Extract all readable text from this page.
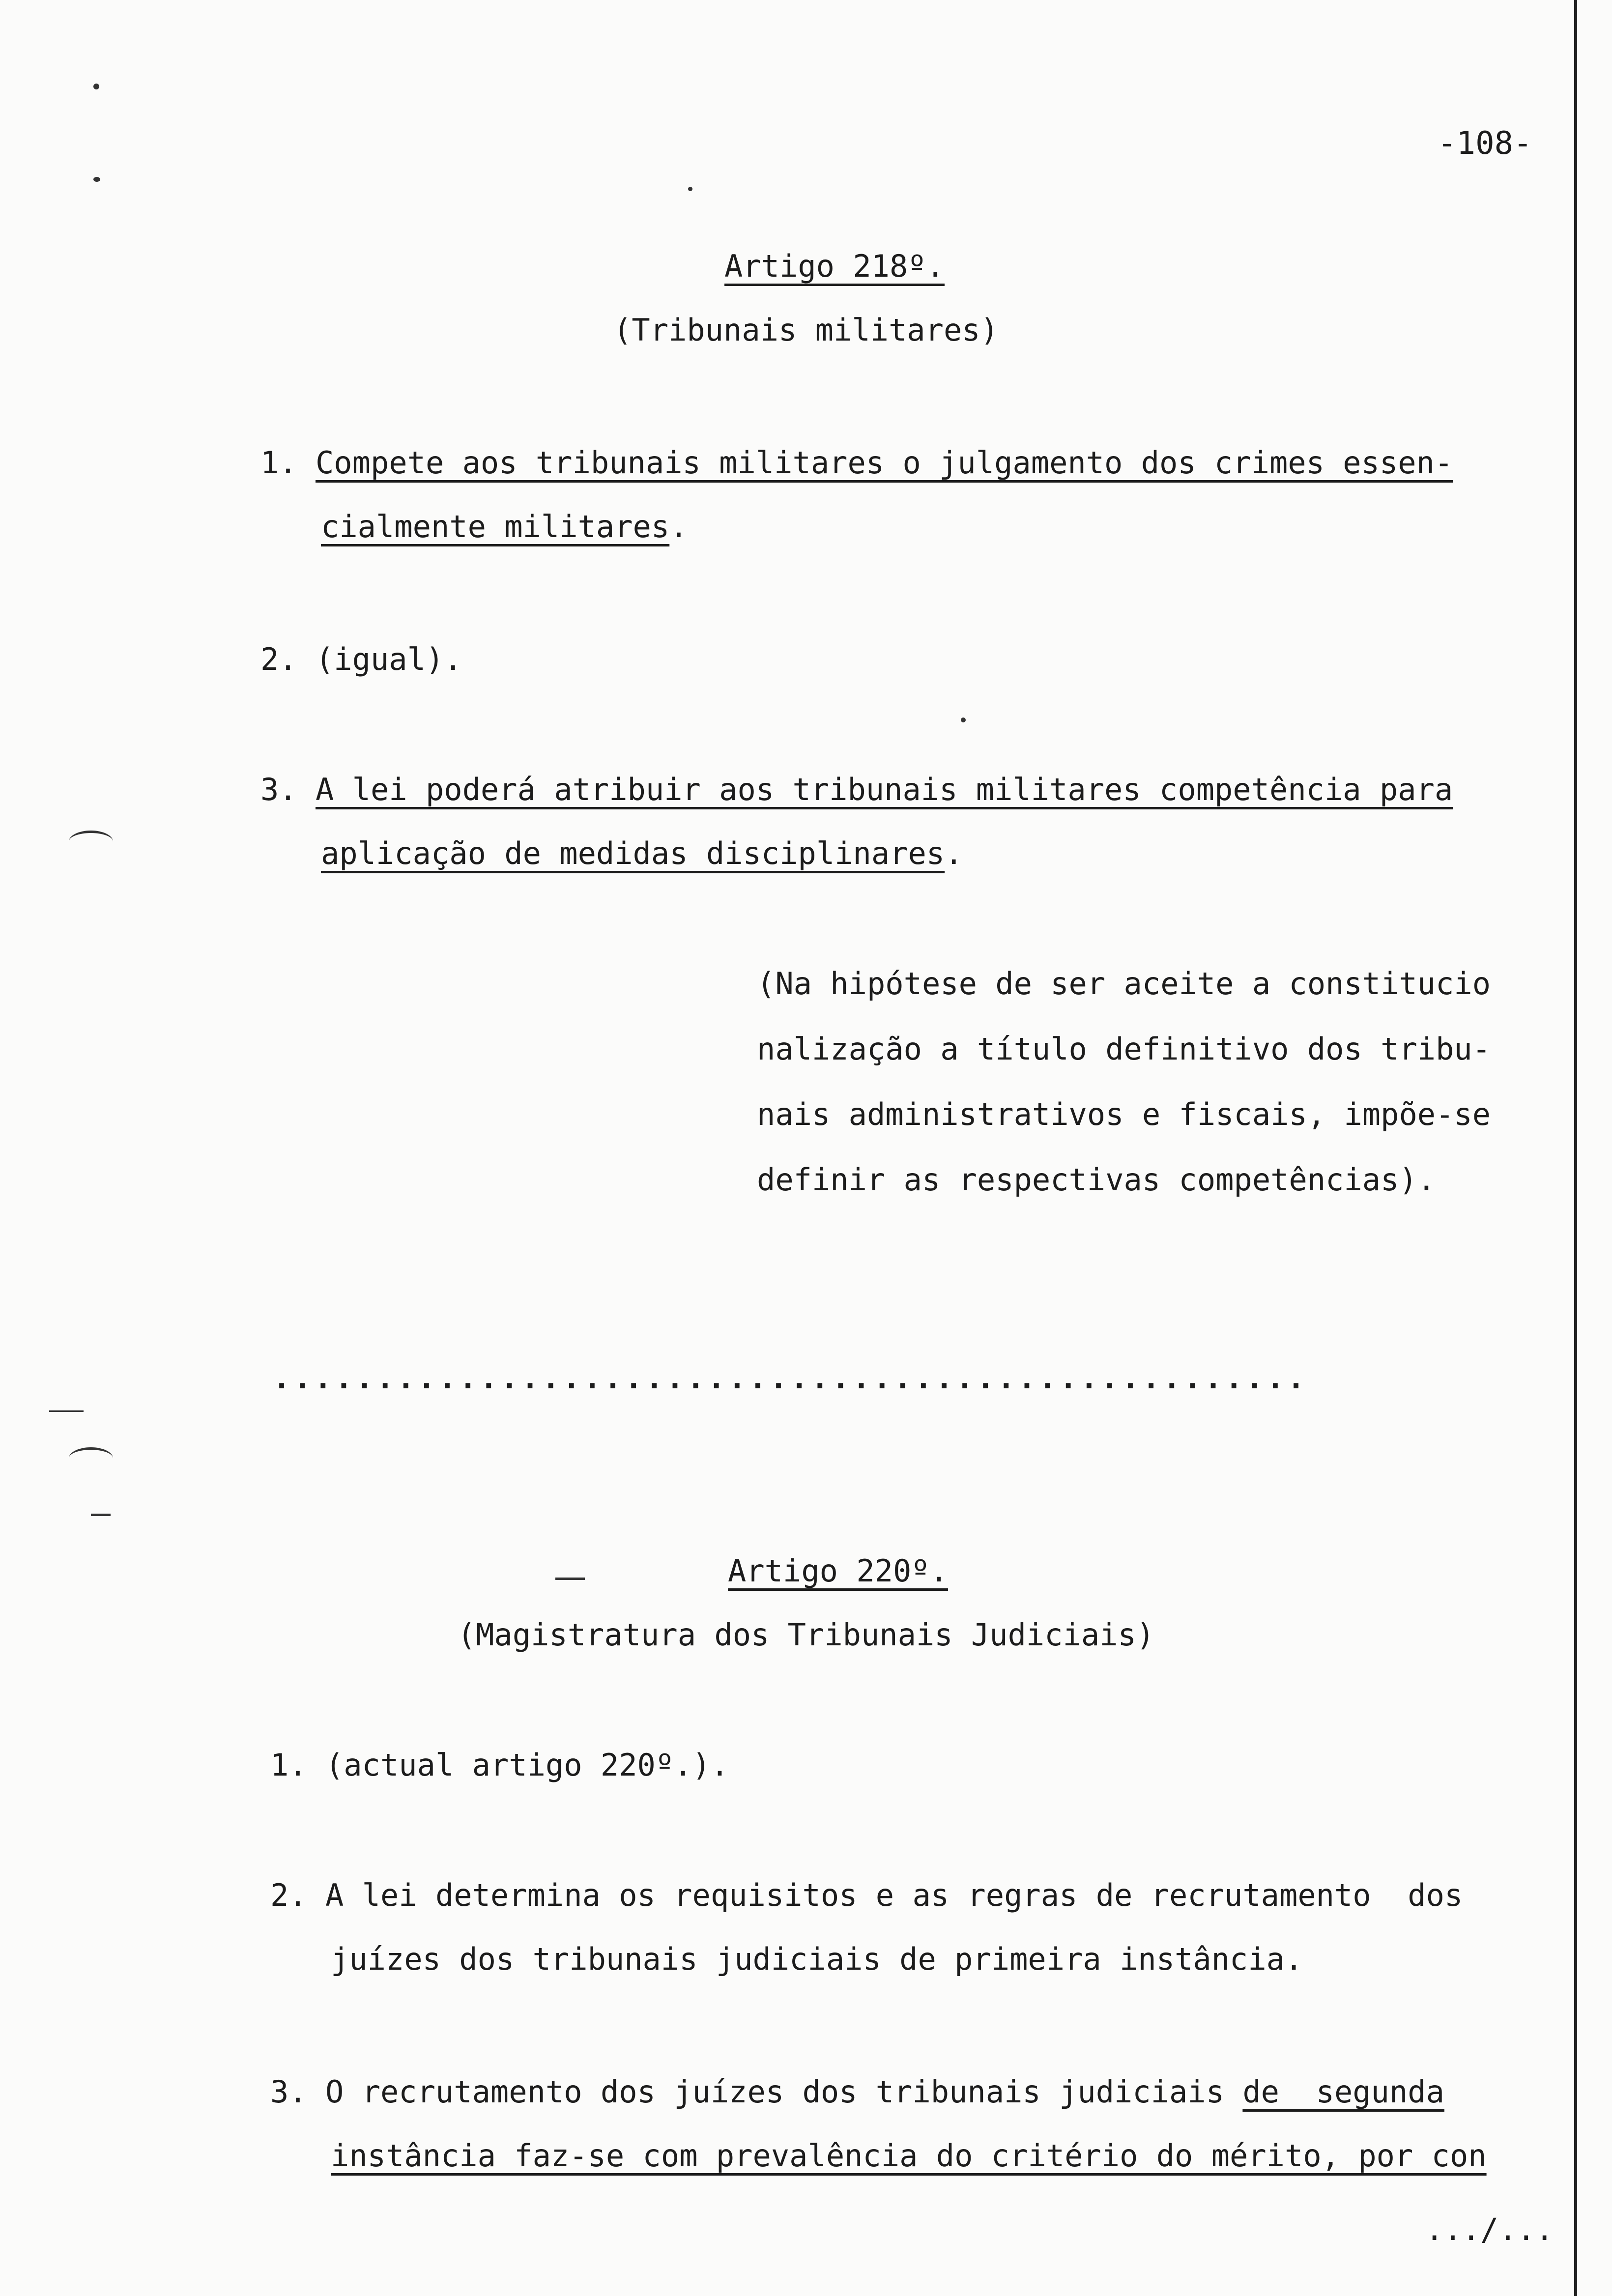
-108-
Artigo 218º.
(Tribunais militares)
1. Compete aos tribunais militares o julgamento dos crimes essen-
cialmente militares.
2. (igual).
3. A lei poderá atribuir aos tribunais militares competência para
aplicação de medidas disciplinares.
(Na hipótese de ser aceite a constitucio
nalização a título definitivo dos tribu-
nais administrativos e fiscais, impõe-se
definir as respectivas competências).
..................................................
Artigo 220º.
(Magistratura dos Tribunais Judiciais)
1. (actual artigo 220º.).
2. A lei determina os requisitos e as regras de recrutamento  dos
juízes dos tribunais judiciais de primeira instância.
3. O recrutamento dos juízes dos tribunais judiciais de  segunda
instância faz-se com prevalência do critério do mérito, por con
.../...
